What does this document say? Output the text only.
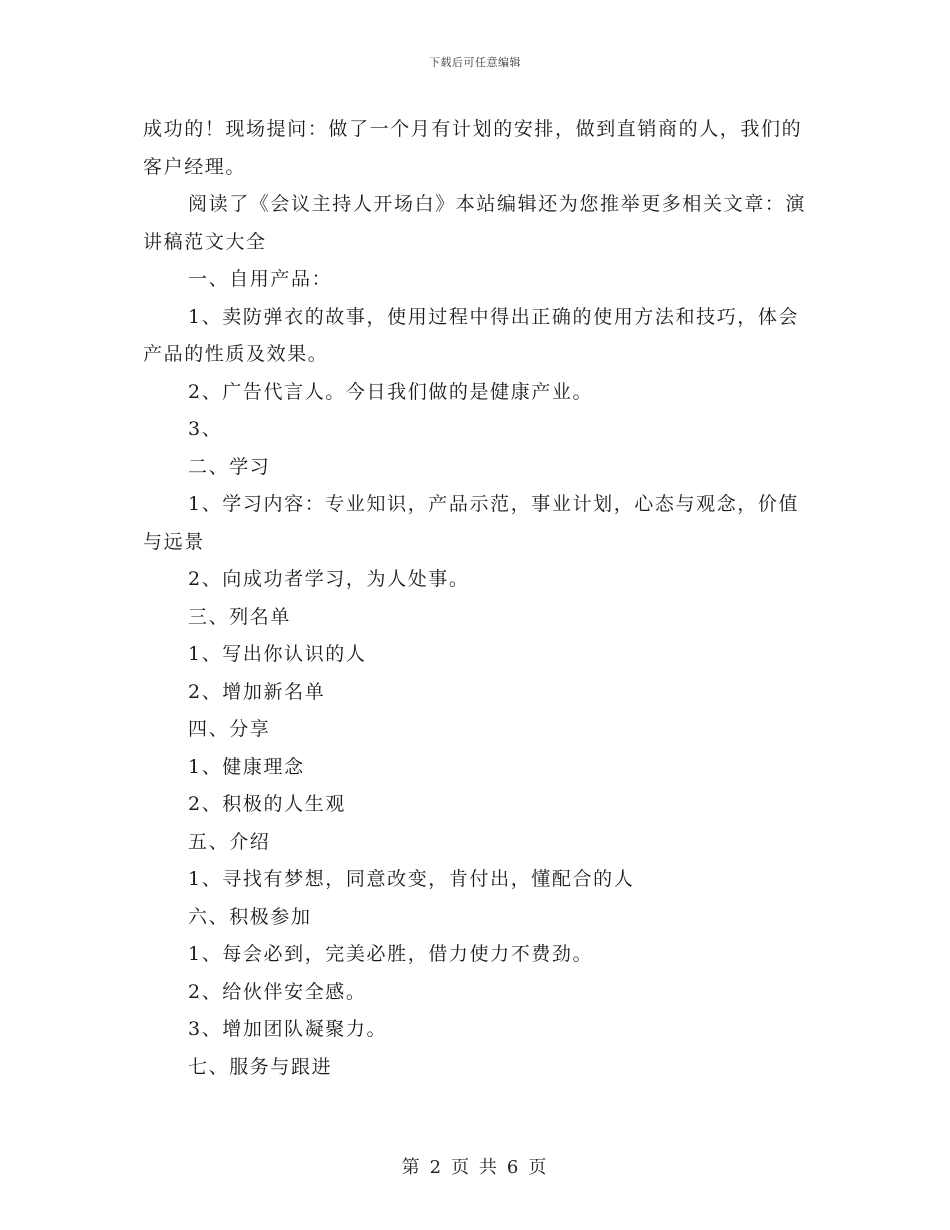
下载后可任意编辑

成功的！现场提问：做了一个月有计划的安排，做到直销商的人，我们的客户经理。

阅读了《会议主持人开场白》本站编辑还为您推举更多相关文章：演讲稿范文大全

一、自用产品：

1、卖防弹衣的故事，使用过程中得出正确的使用方法和技巧，体会产品的性质及效果。

2、广告代言人。今日我们做的是健康产业。

3、

二、学习

1、学习内容：专业知识，产品示范，事业计划，心态与观念，价值与远景

2、向成功者学习，为人处事。

三、列名单

1、写出你认识的人

2、增加新名单

四、分享

1、健康理念

2、积极的人生观

五、介绍

1、寻找有梦想，同意改变，肯付出，懂配合的人

六、积极参加

1、每会必到，完美必胜，借力使力不费劲。

2、给伙伴安全感。

3、增加团队凝聚力。

七、服务与跟进

第 2 页 共 6 页
